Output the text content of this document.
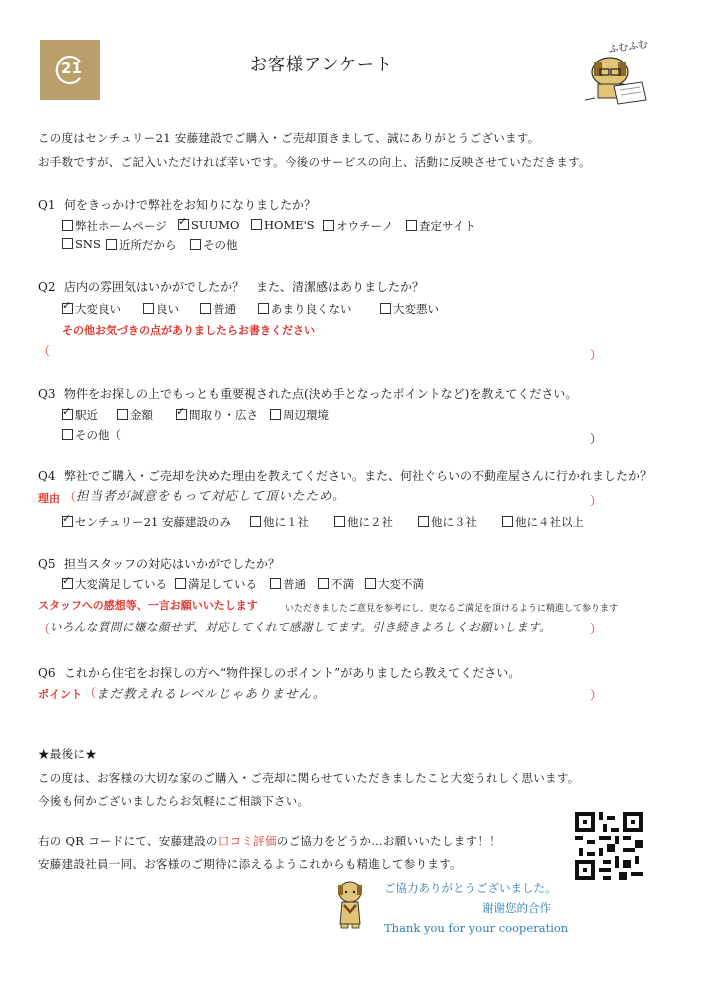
21	お客様アンケート
ふむふむ
この度はセンチュリー21 安藤建設でご購入・ご売却頂きまして、誠にありがとうございます。
お手数ですが、ご記入いただければ幸いです。今後のサービスの向上、活動に反映させていただきます。
Q1 何をきっかけで弊社をお知りになりましたか？
弊社ホームページ ✓	SUUMO	HOME'S	オウチーノ	査定サイト
SNS	近所だから	その他
Q2 店内の雰囲気はいかがでしたか？　また、清潔感はありましたか？
✓大変良い	良い	普通	あまり良くない	大変悪い
その他お気づきの点がありましたらお書きください
（	）
Q3 物件をお探しの上でもっとも重要視された点(決め手となったポイントなど)を教えてください。
✓駅近	金額 ✓	間取り・広さ	周辺環境
その他（	）
Q4 弊社でご購入・ご売却を決めた理由を教えてください。また、何社ぐらいの不動産屋さんに行かれましたか？
理由 （ 担当者が誠意をもって対応して頂いたため。	）
✓センチュリー21 安藤建設のみ	他に１社	他に２社	他に３社	他に４社以上
Q5 担当スタッフの対応はいかがでしたか？
✓大変満足している	満足している	普通	不満	大変不満
スタッフへの感想等、一言お願いいたします	いただきましたご意見を参考にし、更なるご満足を頂けるように精進して参ります
（ いろんな質問に嫌な顔せず、対応してくれて感謝してます。引き続きよろしくお願いします。	）
Q6 これから住宅をお探しの方へ“物件探しのポイント”がありましたら教えてください。
ポイント （ まだ教えれるレベルじゃありません。	）
★最後に★
この度は、お客様の大切な家のご購入・ご売却に関らせていただきましたこと大変うれしく思います。
今後も何かございましたらお気軽にご相談下さい。
右の QR コードにて、安藤建設の口コミ評価のご協力をどうか…お願いいたします！！
安藤建設社員一同、お客様のご期待に添えるようこれからも精進して参ります。
ご協力ありがとうございました。
谢谢您的合作
Thank you for your cooperation
